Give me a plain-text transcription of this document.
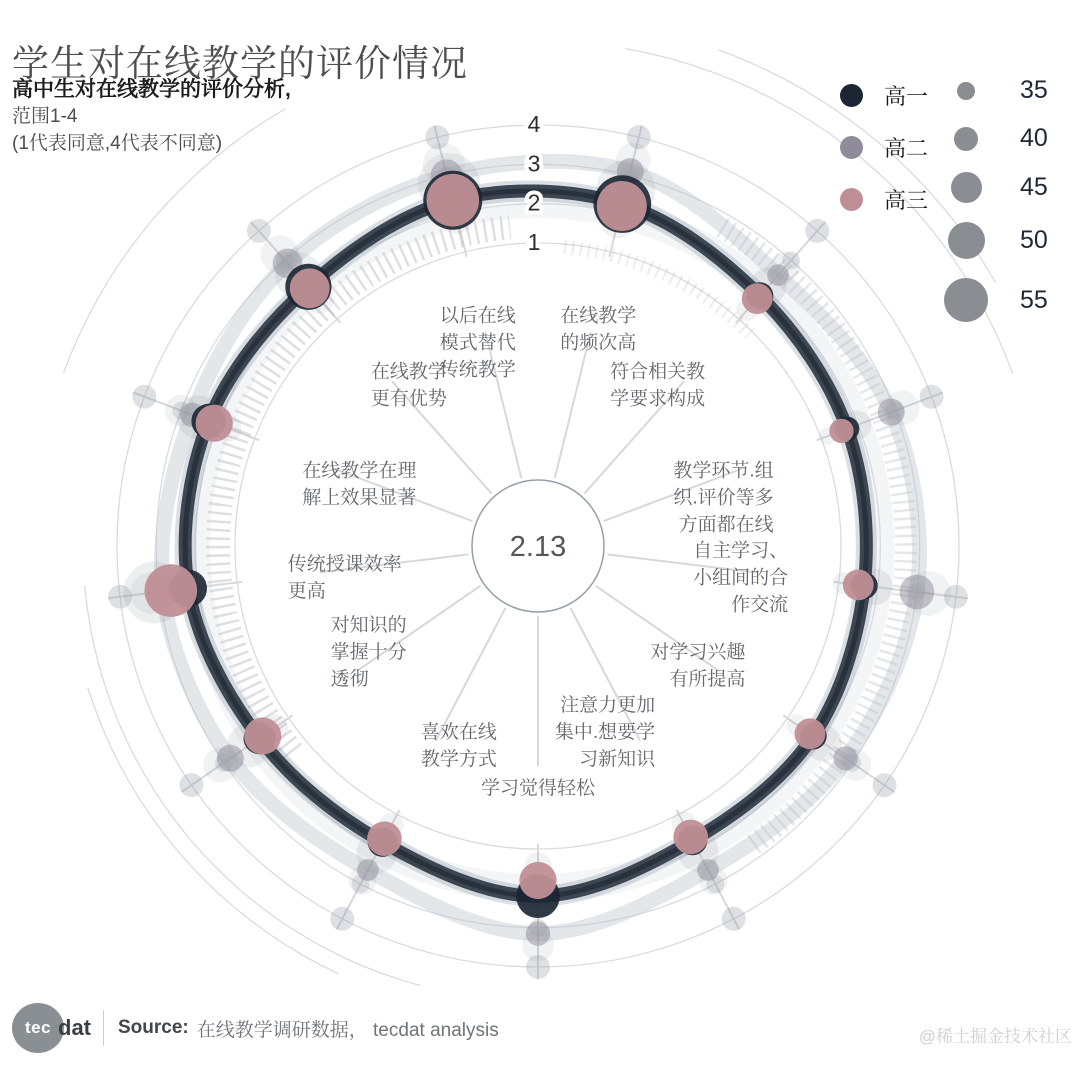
1
2
3
4
2.13
在线教学的频次高
符合相关教学要求构成
教学环节.组织.评价等多方面都在线
自主学习、小组间的合作交流
对学习兴趣有所提高
注意力更加集中.想要学习新知识
学习觉得轻松
喜欢在线教学方式
对知识的掌握十分透彻
传统授课效率更高
在线教学在理解上效果显著
在线教学更有优势
以后在线模式替代传统教学
学生对在线教学的评价情况
高中生对在线教学的评价分析,
范围1-4
(1代表同意,4代表不同意)
高一
高二
高三
35
40
45
50
55
tec dat Source: 在线教学调研数据， tecdat analysis	@稀土掘金技术社区
